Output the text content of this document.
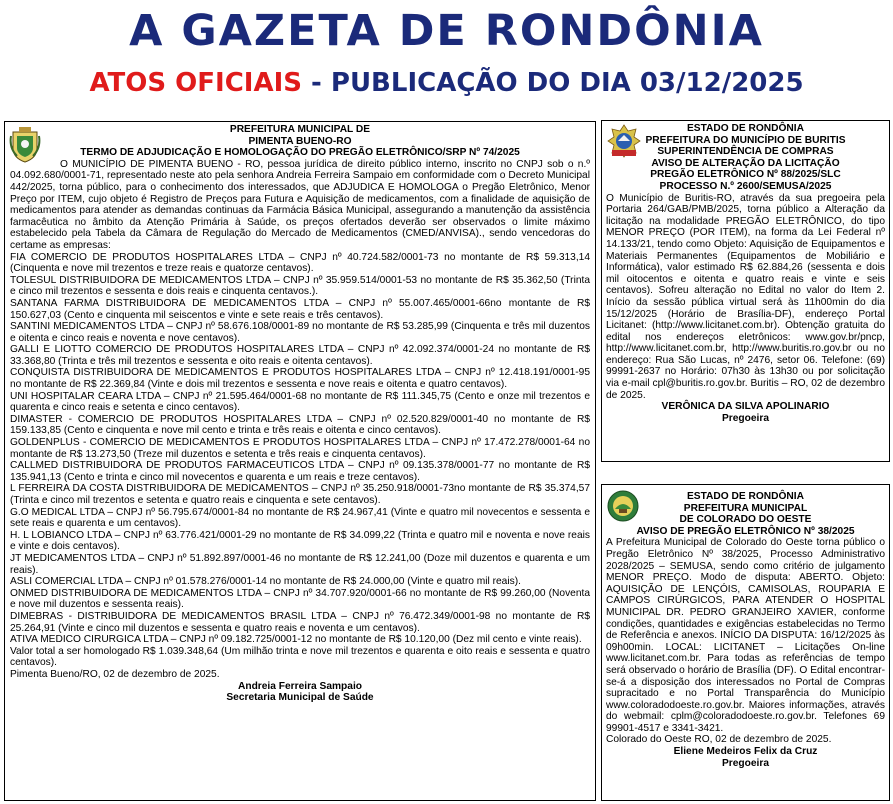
A GAZETA DE RONDÔNIA
ATOS OFICIAIS - PUBLICAÇÃO DO DIA 03/12/2025
PREFEITURA MUNICIPAL DE
PIMENTA BUENO-RO
TERMO DE ADJUDICAÇÃO E HOMOLOGAÇÃO DO PREGÃO ELETRÔNICO/SRP Nº 74/2025

O MUNICÍPIO DE PIMENTA BUENO - RO, pessoa jurídica de direito público interno, inscrito no CNPJ sob o n.º 04.092.680/0001-71, representado neste ato pela senhora Andreia Ferreira Sampaio em conformidade com o Decreto Municipal 442/2025, torna público, para o conhecimento dos interessados, que ADJUDICA E HOMOLOGA o Pregão Eletrônico, Menor Preço por ITEM, cujo objeto é Registro de Preços para Futura e Aquisição de medicamentos, com a finalidade de aquisição de medicamentos para atender as demandas continuas da Farmácia Básica Municipal, assegurando a manutenção da assistência farmacêutica no âmbito da Atenção Primária à Saúde, os preços ofertados deverão ser observados o limite máximo estabelecido pela Tabela da Câmara de Regulação do Mercado de Medicamentos (CMED/ANVISA)., sendo vencedoras do certame as empresas:

FIA COMERCIO DE PRODUTOS HOSPITALARES LTDA – CNPJ nº 40.724.582/0001-73 no montante de R$ 59.313,14 (Cinquenta e nove mil trezentos e treze reais e quatorze centavos).

TOLESUL DISTRIBUIDORA DE MEDICAMENTOS LTDA – CNPJ nº 35.959.514/0001-53 no montante de R$ 35.362,50 (Trinta e cinco mil trezentos e sessenta e dois reais e cinquenta centavos.).

SANTANA FARMA DISTRIBUIDORA DE MEDICAMENTOS LTDA – CNPJ nº 55.007.465/0001-66no montante de R$ 150.627,03 (Cento e cinquenta mil seiscentos e vinte e sete reais e três centavos).

SANTINI MEDICAMENTOS LTDA – CNPJ nº 58.676.108/0001-89 no montante de R$ 53.285,99 (Cinquenta e três mil duzentos e oitenta e cinco reais e noventa e nove centavos).

GALLI E LIOTTO COMERCIO DE PRODUTOS HOSPITALARES LTDA – CNPJ nº 42.092.374/0001-24 no montante de R$ 33.368,80 (Trinta e três mil trezentos e sessenta e oito reais e oitenta centavos).

CONQUISTA DISTRIBUIDORA DE MEDICAMENTOS E PRODUTOS HOSPITALARES LTDA – CNPJ nº 12.418.191/0001-95 no montante de R$ 22.369,84 (Vinte e dois mil trezentos e sessenta e nove reais e oitenta e quatro centavos).

UNI HOSPITALAR CEARA LTDA – CNPJ nº 21.595.464/0001-68 no montante de R$ 111.345,75 (Cento e onze mil trezentos e quarenta e cinco reais e setenta e cinco centavos).

DIMASTER - COMERCIO DE PRODUTOS HOSPITALARES LTDA – CNPJ nº 02.520.829/0001-40 no montante de R$ 159.133,85 (Cento e cinquenta e nove mil cento e trinta e três reais e oitenta e cinco centavos).

GOLDENPLUS - COMERCIO DE MEDICAMENTOS E PRODUTOS HOSPITALARES LTDA – CNPJ nº 17.472.278/0001-64 no montante de R$ 13.273,50 (Treze mil duzentos e setenta e três reais e cinquenta centavos).

CALLMED DISTRIBUIDORA DE PRODUTOS FARMACEUTICOS LTDA – CNPJ nº 09.135.378/0001-77 no montante de R$ 135.941,13 (Cento e trinta e cinco mil novecentos e quarenta e um reais e treze centavos).

L FERREIRA DA COSTA DISTRIBUIDORA DE MEDICAMENTOS – CNPJ nº 35.250.918/0001-73no montante de R$ 35.374,57 (Trinta e cinco mil trezentos e setenta e quatro reais e cinquenta e sete centavos).

G.O MEDICAL LTDA – CNPJ nº 56.795.674/0001-84 no montante de R$ 24.967,41 (Vinte e quatro mil novecentos e sessenta e sete reais e quarenta e um centavos).

H. L LOBIANCO LTDA – CNPJ nº 63.776.421/0001-29 no montante de R$ 34.099,22 (Trinta e quatro mil e noventa e nove reais e vinte e dois centavos).

JT MEDICAMENTOS LTDA – CNPJ nº 51.892.897/0001-46 no montante de R$ 12.241,00 (Doze mil duzentos e quarenta e um reais).

ASLI COMERCIAL LTDA – CNPJ nº 01.578.276/0001-14 no montante de R$ 24.000,00 (Vinte e quatro mil reais).

ONMED DISTRIBUIDORA DE MEDICAMENTOS LTDA – CNPJ nº 34.707.920/0001-66 no montante de R$ 99.260,00 (Noventa e nove mil duzentos e sessenta reais).

DIMEBRAS - DISTRIBUIDORA DE MEDICAMENTOS BRASIL LTDA – CNPJ nº 76.472.349/0001-98 no montante de R$ 25.264,91 (Vinte e cinco mil duzentos e sessenta e quatro reais e noventa e um centavos).

ATIVA MEDICO CIRURGICA LTDA – CNPJ nº 09.182.725/0001-12 no montante de R$ 10.120,00 (Dez mil cento e vinte reais).

Valor total a ser homologado R$ 1.039.348,64 (Um milhão trinta e nove mil trezentos e quarenta e oito reais e sessenta e quatro centavos).

Pimenta Bueno/RO, 02 de dezembro de 2025.

Andreia Ferreira Sampaio
Secretaria Municipal de Saúde
ESTADO DE RONDÔNIA
PREFEITURA DO MUNICÍPIO DE BURITIS
SUPERINTENDÊNCIA DE COMPRAS
AVISO DE ALTERAÇÃO DA LICITAÇÃO
PREGÃO ELETRÔNICO Nº 88/2025/SLC
PROCESSO N.º 2600/SEMUSA/2025
O Município de Buritis-RO, através da sua pregoeira pela Portaria 264/GAB/PMB/2025, torna público a Alteração da licitação na modalidade PREGÃO ELETRÔNICO, do tipo MENOR PREÇO (POR ITEM), na forma da Lei Federal nº 14.133/21, tendo como Objeto: Aquisição de Equipamentos e Materiais Permanentes (Equipamentos de Mobiliário e Informática), valor estimado R$ 62.884,26 (sessenta e dois mil oitocentos e oitenta e quatro reais e vinte e seis centavos). Sofreu alteração no Edital no valor do Item 2. Início da sessão pública virtual será às 11h00min do dia 15/12/2025 (Horário de Brasília-DF), endereço Portal Licitanet: (http://www.licitanet.com.br). Obtenção gratuita do edital nos endereços eletrônicos: www.gov.br/pncp, http://www.licitanet.com.br, http://www.buritis.ro.gov.br ou no endereço: Rua São Lucas, nº 2476, setor 06. Telefone: (69) 99991-2637 no Horário: 07h30 às 13h30 ou por solicitação via e-mail cpl@buritis.ro.gov.br. Buritis – RO, 02 de dezembro de 2025.
VERÔNICA DA SILVA APOLINARIO
Pregoeira
ESTADO DE RONDÔNIA
PREFEITURA MUNICIPAL
DE COLORADO DO OESTE
AVISO DE PREGÃO ELETRÔNICO Nº 38/2025

A Prefeitura Municipal de Colorado do Oeste torna público o Pregão Eletrônico Nº 38/2025, Processo Administrativo 2028/2025 – SEMUSA, sendo como critério de julgamento MENOR PREÇO. Modo de disputa: ABERTO. Objeto: AQUISIÇÃO DE LENÇÓIS, CAMISOLAS, ROUPARIA E CAMPOS CIRÚRGICOS, PARA ATENDER O HOSPITAL MUNICIPAL DR. PEDRO GRANJEIRO XAVIER, conforme condições, quantidades e exigências estabelecidas no Termo de Referência e anexos. INÍCIO DA DISPUTA: 16/12/2025 às 09h00min. LOCAL: LICITANET – Licitações On-line www.licitanet.com.br. Para todas as referências de tempo será observado o horário de Brasília (DF). O Edital encontrar-se-á a disposição dos interessados no Portal de Compras supracitado e no Portal Transparência do Município www.coloradodoeste.ro.gov.br. Maiores informações, através do webmail: cplm@coloradodoeste.ro.gov.br. Telefones 69 99901-4517 e 3341-3421.

Colorado do Oeste RO, 02 de dezembro de 2025.

Eliene Medeiros Felix da Cruz
Pregoeira
